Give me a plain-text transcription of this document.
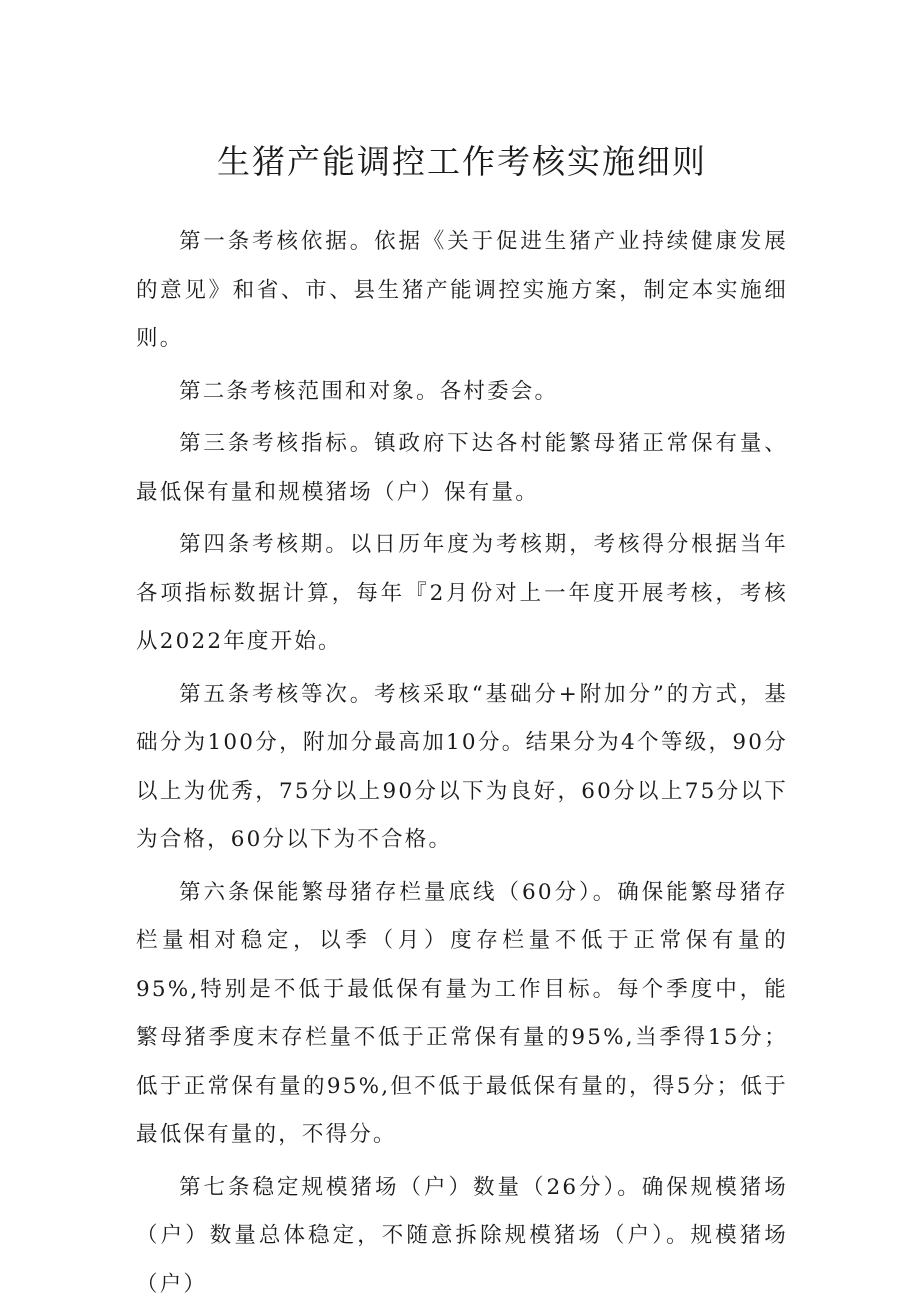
生猪产能调控工作考核实施细则

第一条考核依据。依据《关于促进生猪产业持续健康发展的意见》和省、市、县生猪产能调控实施方案，制定本实施细则。

第二条考核范围和对象。各村委会。

第三条考核指标。镇政府下达各村能繁母猪正常保有量、最低保有量和规模猪场（户）保有量。

第四条考核期。以日历年度为考核期，考核得分根据当年各项指标数据计算，每年『2月份对上一年度开展考核，考核从2022年度开始。

第五条考核等次。考核采取“基础分+附加分”的方式，基础分为100分，附加分最高加10分。结果分为4个等级，90分以上为优秀，75分以上90分以下为良好，60分以上75分以下为合格，60分以下为不合格。

第六条保能繁母猪存栏量底线（60分）。确保能繁母猪存栏量相对稳定，以季（月）度存栏量不低于正常保有量的95%,特别是不低于最低保有量为工作目标。每个季度中，能繁母猪季度末存栏量不低于正常保有量的95%,当季得15分；低于正常保有量的95%,但不低于最低保有量的，得5分；低于最低保有量的，不得分。

第七条稳定规模猪场（户）数量（26分）。确保规模猪场（户）数量总体稳定，不随意拆除规模猪场（户）。规模猪场（户）
